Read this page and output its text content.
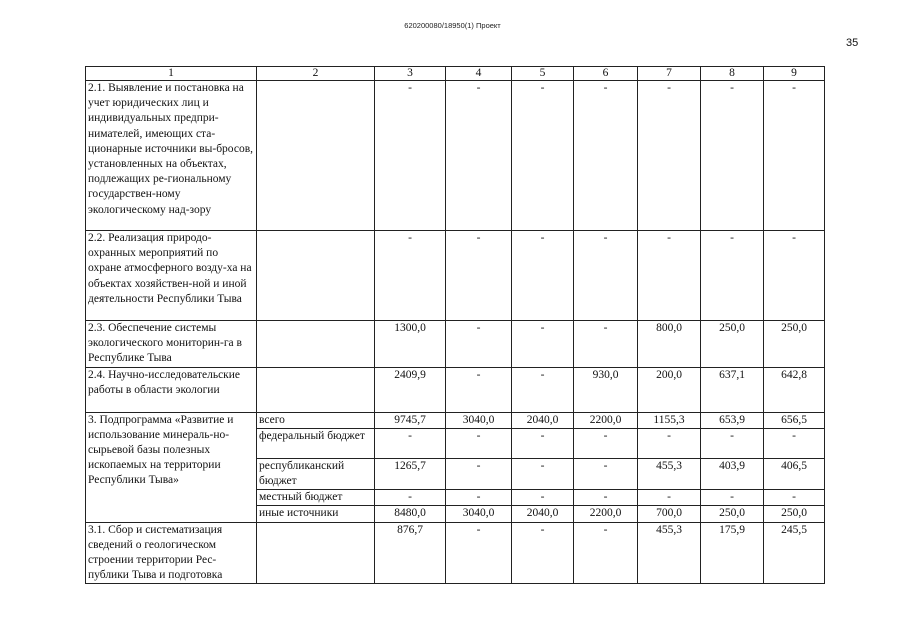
620200080/18950(1) Проект
35
1	2	3	4	5	6	7	8	9
2.1. Выявление и постановка на учет юридических лиц и индивидуальных предпри-нимателей, имеющих ста-ционарные источники вы-бросов, установленных на объектах, подлежащих ре-гиональному государствен-ному экологическому над-зору		-	-	-	-	-	-	-
2.2. Реализация природо-охранных мероприятий по охране атмосферного возду-ха на объектах хозяйствен-ной и иной деятельности Республики Тыва		-	-	-	-	-	-	-
2.3. Обеспечение системы экологического мониторин-га в Республике Тыва		1300,0	-	-	-	800,0	250,0	250,0
2.4. Научно-исследовательские работы в области экологии		2409,9	-	-	930,0	200,0	637,1	642,8
3. Подпрограмма «Развитие и использование минераль-но-сырьевой базы полезных ископаемых на территории Республики Тыва»	всего	9745,7	3040,0	2040,0	2200,0	1155,3	653,9	656,5
	федеральный бюджет	-	-	-	-	-	-	-
	республиканский бюджет	1265,7	-	-	-	455,3	403,9	406,5
	местный бюджет	-	-	-	-	-	-	-
	иные источники	8480,0	3040,0	2040,0	2200,0	700,0	250,0	250,0
3.1. Сбор и систематизация сведений о геологическом строении территории Рес-публики Тыва и подготовка		876,7	-	-	-	455,3	175,9	245,5
